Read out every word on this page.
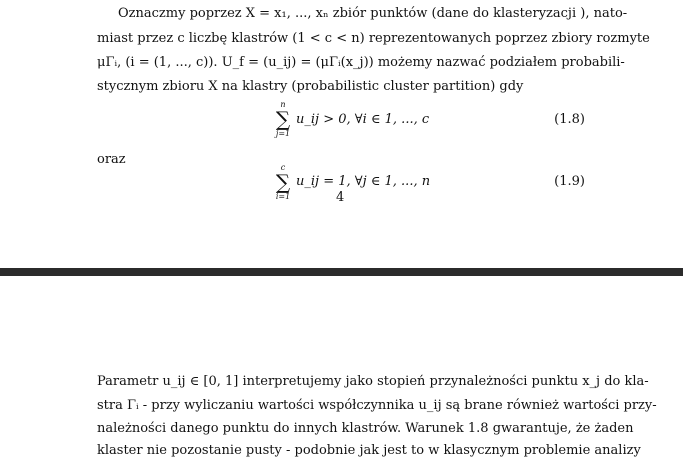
Oznaczmy poprzez X = x₁, ..., xₙ zbiór punktów (dane do klasteryzacji ), nato-
miast przez c liczbę klastrów (1 < c < n) reprezentowanych poprzez zbiory rozmyte
μΓᵢ, (i = (1, ..., c)). U_f = (u_ij) = (μΓᵢ(x_j)) możemy nazwać podziałem probabili-
stycznym zbioru X na klastry (probabilistic cluster partition) gdy
n
∑
j=1
u_ij > 0, ∀i ∈ 1, ..., c	(1.8)
oraz
c
∑
i=1
u_ij = 1, ∀j ∈ 1, ..., n	(1.9)
4
Parametr u_ij ∈ [0, 1] interpretujemy jako stopień przynależności punktu x_j do kla-
stra Γᵢ - przy wyliczaniu wartości współczynnika u_ij są brane również wartości przy-
należności danego punktu do innych klastrów. Warunek 1.8 gwarantuje, że żaden
klaster nie pozostanie pusty - podobnie jak jest to w klasycznym problemie analizy
